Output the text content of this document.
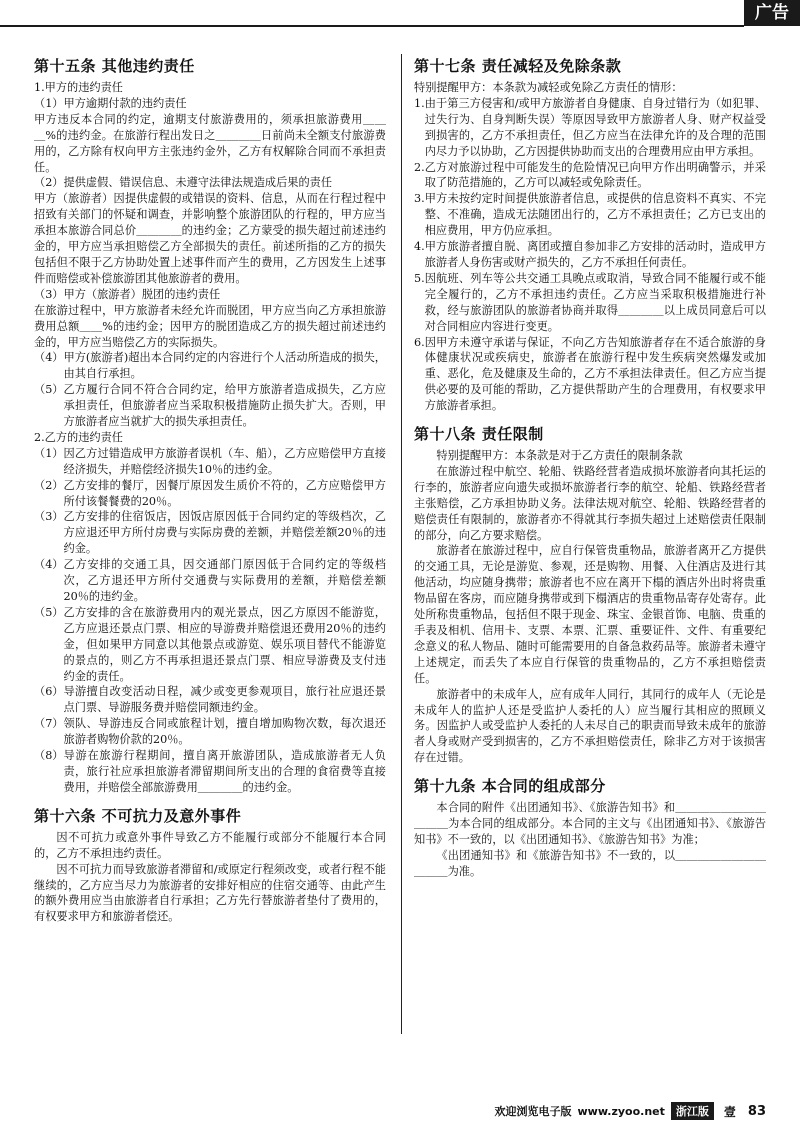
广告
第十五条 其他违约责任

1.甲方的违约责任

（1） 甲方逾期付款的违约责任
甲方违反本合同的约定，逾期支付旅游费用的，须承担旅游费用＿＿＿%的违约金。在旅游行程出发日之＿＿＿＿日前尚未全额支付旅游费用的，乙方除有权向甲方主张违约金外，乙方有权解除合同而不承担责任。
（2） 提供虚假、错误信息、未遵守法律法规造成后果的责任
甲方（旅游者）因提供虚假的或错误的资料、信息，从而在行程过程中招致有关部门的怀疑和调查，并影响整个旅游团队的行程的，甲方应当承担本旅游合同总价＿＿＿＿的违约金；乙方蒙受的损失超过前述违约金的，甲方应当承担赔偿乙方全部损失的责任。前述所指的乙方的损失包括但不限于乙方协助处置上述事件而产生的费用，乙方因发生上述事件而赔偿或补偿旅游团其他旅游者的费用。
（3） 甲方（旅游者）脱团的违约责任
在旅游过程中，甲方旅游者未经允许而脱团，甲方应当向乙方承担旅游费用总额＿＿%的违约金；因甲方的脱团造成乙方的损失超过前述违约金的，甲方应当赔偿乙方的实际损失。
（4） 甲方(旅游者)超出本合同约定的内容进行个人活动所造成的损失，由其自行承担。
（5） 乙方履行合同不符合合同约定，给甲方旅游者造成损失，乙方应承担责任，但旅游者应当采取积极措施防止损失扩大。否则，甲方旅游者应当就扩大的损失承担责任。

2.乙方的违约责任

（1） 因乙方过错造成甲方旅游者误机（车、船），乙方应赔偿甲方直接经济损失，并赔偿经济损失10％的违约金。
（2） 乙方安排的餐厅，因餐厅原因发生质价不符的，乙方应赔偿甲方所付该餐餐费的20％。
（3） 乙方安排的住宿饭店，因饭店原因低于合同约定的等级档次，乙方应退还甲方所付房费与实际房费的差额，并赔偿差额20％的违约金。
（4） 乙方安排的交通工具，因交通部门原因低于合同约定的等级档次，乙方退还甲方所付交通费与实际费用的差额，并赔偿差额20％的违约金。
（5） 乙方安排的含在旅游费用内的观光景点，因乙方原因不能游览，乙方应退还景点门票、相应的导游费并赔偿退还费用20％的违约金，但如果甲方同意以其他景点或游览、娱乐项目替代不能游览的景点的，则乙方不再承担退还景点门票、相应导游费及支付违约金的责任。
（6） 导游擅自改变活动日程，减少或变更参观项目，旅行社应退还景点门票、导游服务费并赔偿同额违约金。
（7） 领队、导游违反合同或旅程计划，擅自增加购物次数，每次退还旅游者购物价款的20％。
（8） 导游在旅游行程期间，擅自离开旅游团队，造成旅游者无人负责，旅行社应承担旅游者滞留期间所支出的合理的食宿费等直接费用，并赔偿全部旅游费用＿＿＿＿的违约金。
第十六条 不可抗力及意外事件

因不可抗力或意外事件导致乙方不能履行或部分不能履行本合同的，乙方不承担违约责任。

因不可抗力而导致旅游者滞留和/或原定行程须改变，或者行程不能继续的，乙方应当尽力为旅游者的安排好相应的住宿交通等、由此产生的额外费用应当由旅游者自行承担；乙方先行替旅游者垫付了费用的，有权要求甲方和旅游者偿还。

第十七条 责任减轻及免除条款

特别提醒甲方：本条款为减轻或免除乙方责任的情形：

1. 由于第三方侵害和/或甲方旅游者自身健康、自身过错行为（如犯罪、过失行为、自身判断失误）等原因导致甲方旅游者人身、财产权益受到损害的，乙方不承担责任，但乙方应当在法律允许的及合理的范围内尽力予以协助，乙方因提供协助而支出的合理费用应由甲方承担。
2. 乙方对旅游过程中可能发生的危险情况已向甲方作出明确警示，并采取了防范措施的，乙方可以减轻或免除责任。
3. 甲方未按约定时间提供旅游者信息，或提供的信息资料不真实、不完整、不准确，造成无法随团出行的，乙方不承担责任；乙方已支出的相应费用，甲方仍应承担。
4. 甲方旅游者擅自脱、离团或擅自参加非乙方安排的活动时，造成甲方旅游者人身伤害或财产损失的，乙方不承担任何责任。
5. 因航班、列车等公共交通工具晚点或取消，导致合同不能履行或不能完全履行的，乙方不承担违约责任。乙方应当采取积极措施进行补救，经与旅游团队的旅游者协商并取得＿＿＿＿以上成员同意后可以对合同相应内容进行变更。
6. 因甲方未遵守承诺与保证，不向乙方告知旅游者存在不适合旅游的身体健康状况或疾病史，旅游者在旅游行程中发生疾病突然爆发或加重、恶化，危及健康及生命的，乙方不承担法律责任。但乙方应当提供必要的及可能的帮助，乙方提供帮助产生的合理费用，有权要求甲方旅游者承担。
第十八条 责任限制

特别提醒甲方：本条款是对于乙方责任的限制条款

在旅游过程中航空、轮船、铁路经营者造成损坏旅游者向其托运的行李的，旅游者应向遗失或损坏旅游者行李的航空、轮船、铁路经营者主张赔偿，乙方承担协助义务。法律法规对航空、轮船、铁路经营者的赔偿责任有限制的，旅游者亦不得就其行李损失超过上述赔偿责任限制的部分，向乙方要求赔偿。

旅游者在旅游过程中，应自行保管贵重物品，旅游者离开乙方提供的交通工具，无论是游览、参观，还是购物、用餐、入住酒店及进行其他活动，均应随身携带；旅游者也不应在离开下榻的酒店外出时将贵重物品留在客房，而应随身携带或到下榻酒店的贵重物品寄存处寄存。此处所称贵重物品，包括但不限于现金、珠宝、金银首饰、电脑、贵重的手表及相机、信用卡、支票、本票、汇票、重要证件、文件、有重要纪念意义的私人物品、随时可能需要用的自备急救药品等。旅游者未遵守上述规定，而丢失了本应自行保管的贵重物品的，乙方不承担赔偿责任。

旅游者中的未成年人，应有成年人同行，其同行的成年人（无论是未成年人的监护人还是受监护人委托的人）应当履行其相应的照顾义务。因监护人或受监护人委托的人未尽自己的职责而导致未成年的旅游者人身或财产受到损害的，乙方不承担赔偿责任，除非乙方对于该损害存在过错。

第十九条 本合同的组成部分

本合同的附件《出团通知书》、《旅游告知书》和＿＿＿＿＿＿＿＿＿＿＿为本合同的组成部分。本合同的主文与《出团通知书》、《旅游告知书》不一致的，以《出团通知书》、《旅游告知书》为准；

《出团通知书》和《旅游告知书》不一致的，以＿＿＿＿＿＿＿＿＿＿＿为准。

欢迎浏览电子版 www.zyoo.net	浙江版	壹 83
